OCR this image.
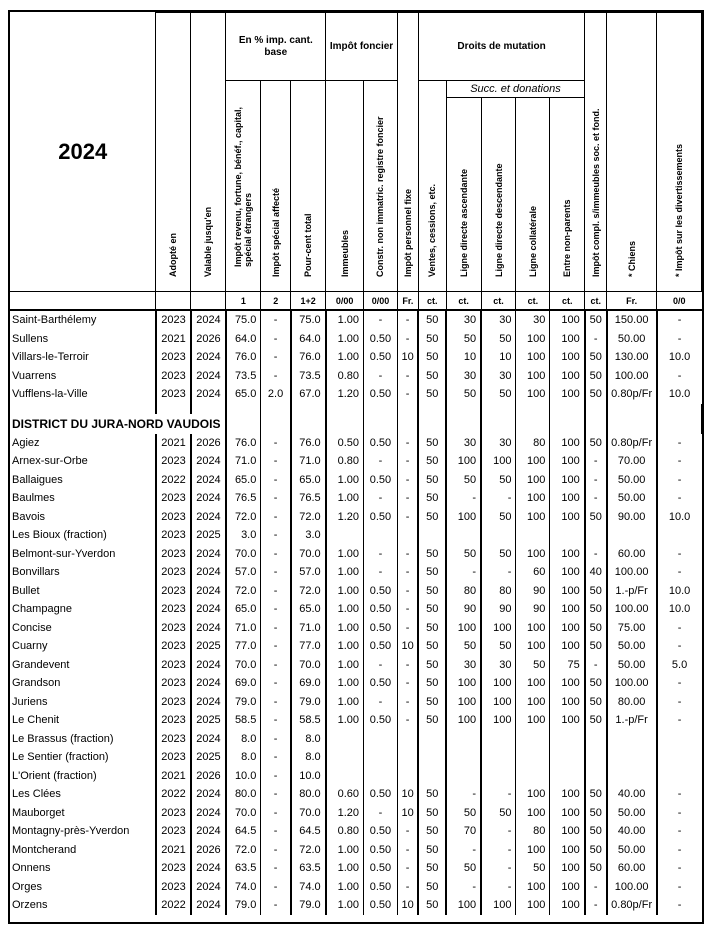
2024	Adopté en	Valable jusqu'en	En % imp. cant. base			Impôt foncier		Impôt personnel fixe	Droits de mutation					Impôt compl. s/immeubles soc. et fond.	* Chiens	* Impôt sur les divertissements

			Impôt revenu, fortune, bénéf., capital, spécial étrangers	Impôt spécial affecté	Pour-cent total	Immeubles	Constr. non immatric. registre foncier		Ventes, cessions, etc.	Succ. et donations						

										Ligne directe ascendante	Ligne directe descendante	Ligne collatérale	Entre non-parents			

			1	2	1+2	0/00	0/00	Fr.	ct.	ct.	ct.	ct.	ct.	ct.	Fr.	0/0
Saint-Barthélemy	2023	2024	75.0	-	75.0	1.00	-	-	50	30	30	30	100	50	150.00	-
Sullens	2021	2026	64.0	-	64.0	1.00	0.50	-	50	50	50	100	100	-	50.00	-
Villars-le-Terroir	2023	2024	76.0	-	76.0	1.00	0.50	10	50	10	10	100	100	50	130.00	10.0
Vuarrens	2023	2024	73.5	-	73.5	0.80	-	-	50	30	30	100	100	50	100.00	-
Vufflens-la-Ville	2023	2024	65.0	2.0	67.0	1.20	0.50	-	50	50	50	100	100	50	0.80p/Fr	10.0

DISTRICT DU JURA-NORD VAUDOIS																
Agiez	2021	2026	76.0	-	76.0	0.50	0.50	-	50	30	30	80	100	50	0.80p/Fr	-
Arnex-sur-Orbe	2023	2024	71.0	-	71.0	0.80	-	-	50	100	100	100	100	-	70.00	-
Ballaigues	2022	2024	65.0	-	65.0	1.00	0.50	-	50	50	50	100	100	-	50.00	-
Baulmes	2023	2024	76.5	-	76.5	1.00	-	-	50	-	-	100	100	-	50.00	-
Bavois	2023	2024	72.0	-	72.0	1.20	0.50	-	50	100	50	100	100	50	90.00	10.0
Les Bioux (fraction)	2023	2025	3.0	-	3.0											
Belmont-sur-Yverdon	2023	2024	70.0	-	70.0	1.00	-	-	50	50	50	100	100	-	60.00	-
Bonvillars	2023	2024	57.0	-	57.0	1.00	-	-	50	-	-	60	100	40	100.00	-
Bullet	2023	2024	72.0	-	72.0	1.00	0.50	-	50	80	80	90	100	50	1.-p/Fr	10.0
Champagne	2023	2024	65.0	-	65.0	1.00	0.50	-	50	90	90	90	100	50	100.00	10.0
Concise	2023	2024	71.0	-	71.0	1.00	0.50	-	50	100	100	100	100	50	75.00	-
Cuarny	2023	2025	77.0	-	77.0	1.00	0.50	10	50	50	50	100	100	50	50.00	-
Grandevent	2023	2024	70.0	-	70.0	1.00	-	-	50	30	30	50	75	-	50.00	5.0
Grandson	2023	2024	69.0	-	69.0	1.00	0.50	-	50	100	100	100	100	50	100.00	-
Juriens	2023	2024	79.0	-	79.0	1.00	-	-	50	100	100	100	100	50	80.00	-
Le Chenit	2023	2025	58.5	-	58.5	1.00	0.50	-	50	100	100	100	100	50	1.-p/Fr	-
Le Brassus (fraction)	2023	2024	8.0	-	8.0											
Le Sentier (fraction)	2023	2025	8.0	-	8.0											
L'Orient (fraction)	2021	2026	10.0	-	10.0											
Les Clées	2022	2024	80.0	-	80.0	0.60	0.50	10	50	-	-	100	100	50	40.00	-
Mauborget	2023	2024	70.0	-	70.0	1.20	-	10	50	50	50	100	100	50	50.00	-
Montagny-près-Yverdon	2023	2024	64.5	-	64.5	0.80	0.50	-	50	70	-	80	100	50	40.00	-
Montcherand	2021	2026	72.0	-	72.0	1.00	0.50	-	50	-	-	100	100	50	50.00	-
Onnens	2023	2024	63.5	-	63.5	1.00	0.50	-	50	50	-	50	100	50	60.00	-
Orges	2023	2024	74.0	-	74.0	1.00	0.50	-	50	-	-	100	100	-	100.00	-
Orzens	2022	2024	79.0	-	79.0	1.00	0.50	10	50	100	100	100	100	-	0.80p/Fr	-
